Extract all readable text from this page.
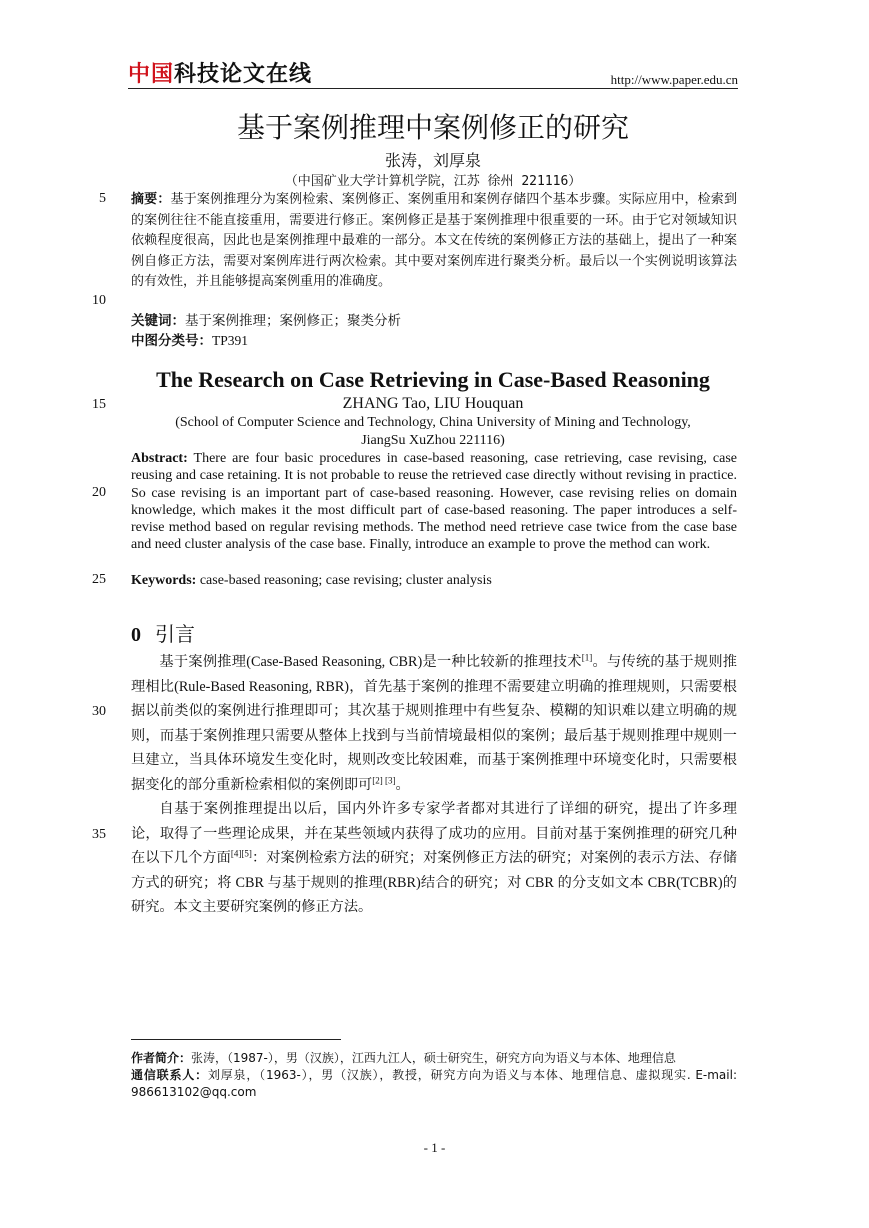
中国科技论文在线	http://www.paper.edu.cn
基于案例推理中案例修正的研究
张涛，刘厚泉
（中国矿业大学计算机学院，江苏 徐州 221116）
5
10
15
20
25
30
35
摘要：基于案例推理分为案例检索、案例修正、案例重用和案例存储四个基本步骤。实际应用中，检索到的案例往往不能直接重用，需要进行修正。案例修正是基于案例推理中很重要的一环。由于它对领域知识依赖程度很高，因此也是案例推理中最难的一部分。本文在传统的案例修正方法的基础上，提出了一种案例自修正方法，需要对案例库进行两次检索。其中要对案例库进行聚类分析。最后以一个实例说明该算法的有效性，并且能够提高案例重用的准确度。
关键词：基于案例推理；案例修正；聚类分析
中图分类号：TP391
The Research on Case Retrieving in Case-Based Reasoning
ZHANG Tao, LIU Houquan
(School of Computer Science and Technology, China University of Mining and Technology,
JiangSu XuZhou 221116)
Abstract: There are four basic procedures in case-based reasoning, case retrieving, case revising, case reusing and case retaining. It is not probable to reuse the retrieved case directly without revising in practice. So case revising is an important part of case-based reasoning. However, case revising relies on domain knowledge, which makes it the most difficult part of case-based reasoning. The paper introduces a self-revise method based on regular revising methods. The method need retrieve case twice from the case base and need cluster analysis of the case base. Finally, introduce an example to prove the method can work.
Keywords: case-based reasoning; case revising; cluster analysis
0 引言
基于案例推理(Case-Based Reasoning, CBR)是一种比较新的推理技术[1]。与传统的基于规则推理相比(Rule-Based Reasoning, RBR)，首先基于案例的推理不需要建立明确的推理规则，只需要根据以前类似的案例进行推理即可；其次基于规则推理中有些复杂、模糊的知识难以建立明确的规则，而基于案例推理只需要从整体上找到与当前情境最相似的案例；最后基于规则推理中规则一旦建立，当具体环境发生变化时，规则改变比较困难，而基于案例推理中环境变化时，只需要根据变化的部分重新检索相似的案例即可[2] [3]。
自基于案例推理提出以后，国内外许多专家学者都对其进行了详细的研究，提出了许多理论，取得了一些理论成果，并在某些领域内获得了成功的应用。目前对基于案例推理的研究几种在以下几个方面[4][5]：对案例检索方法的研究；对案例修正方法的研究；对案例的表示方法、存储方式的研究；将 CBR 与基于规则的推理(RBR)结合的研究；对 CBR 的分支如文本 CBR(TCBR)的研究。本文主要研究案例的修正方法。
作者简介：张涛，（1987-），男（汉族），江西九江人，硕士研究生，研究方向为语义与本体、地理信息
通信联系人：刘厚泉，（1963-），男（汉族），教授，研究方向为语义与本体、地理信息、虚拟现实. E-mail: 986613102@qq.com
- 1 -
